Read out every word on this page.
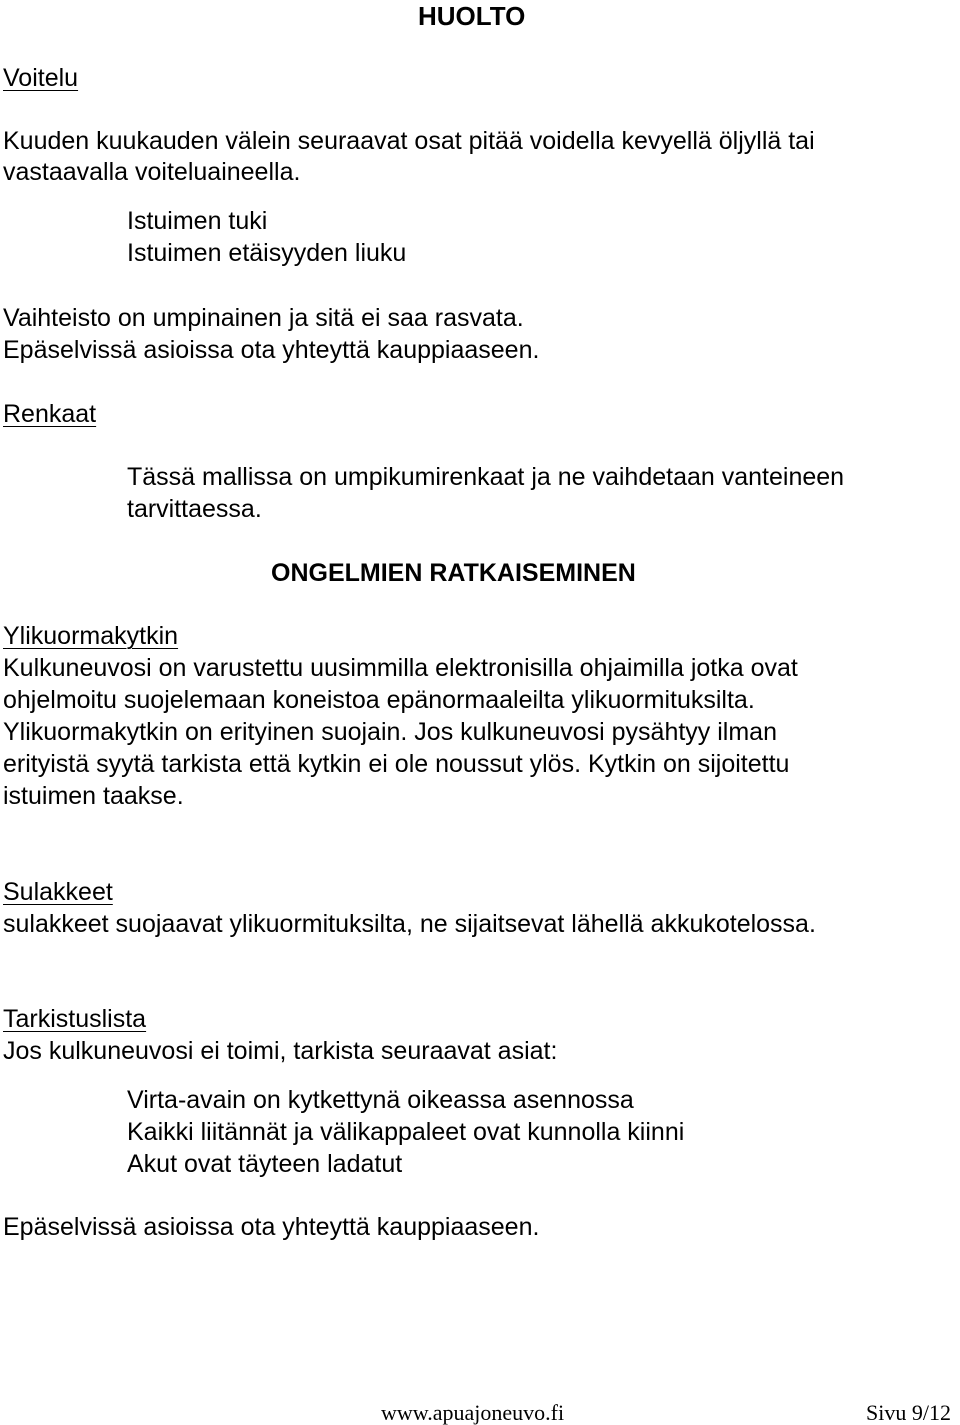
HUOLTO
Voitelu
Kuuden kuukauden välein seuraavat osat pitää voidella kevyellä öljyllä tai
vastaavalla voiteluaineella.
Istuimen tuki
Istuimen etäisyyden liuku
Vaihteisto on umpinainen ja sitä ei saa rasvata.
Epäselvissä asioissa ota yhteyttä kauppiaaseen.
Renkaat
Tässä mallissa on umpikumirenkaat ja ne vaihdetaan vanteineen
tarvittaessa.
ONGELMIEN RATKAISEMINEN
Ylikuormakytkin
Kulkuneuvosi on varustettu uusimmilla elektronisilla ohjaimilla jotka ovat
ohjelmoitu suojelemaan koneistoa epänormaaleilta ylikuormituksilta.
Ylikuormakytkin on erityinen suojain. Jos kulkuneuvosi pysähtyy ilman
erityistä syytä tarkista että kytkin ei ole noussut ylös. Kytkin on sijoitettu
istuimen taakse.
Sulakkeet
sulakkeet suojaavat ylikuormituksilta, ne sijaitsevat lähellä akkukotelossa.
Tarkistuslista
Jos kulkuneuvosi ei toimi, tarkista seuraavat asiat:
Virta-avain on kytkettynä oikeassa asennossa
Kaikki liitännät ja välikappaleet ovat kunnolla kiinni
Akut ovat täyteen ladatut
Epäselvissä asioissa ota yhteyttä kauppiaaseen.
www.apuajoneuvo.fi	Sivu 9/12
